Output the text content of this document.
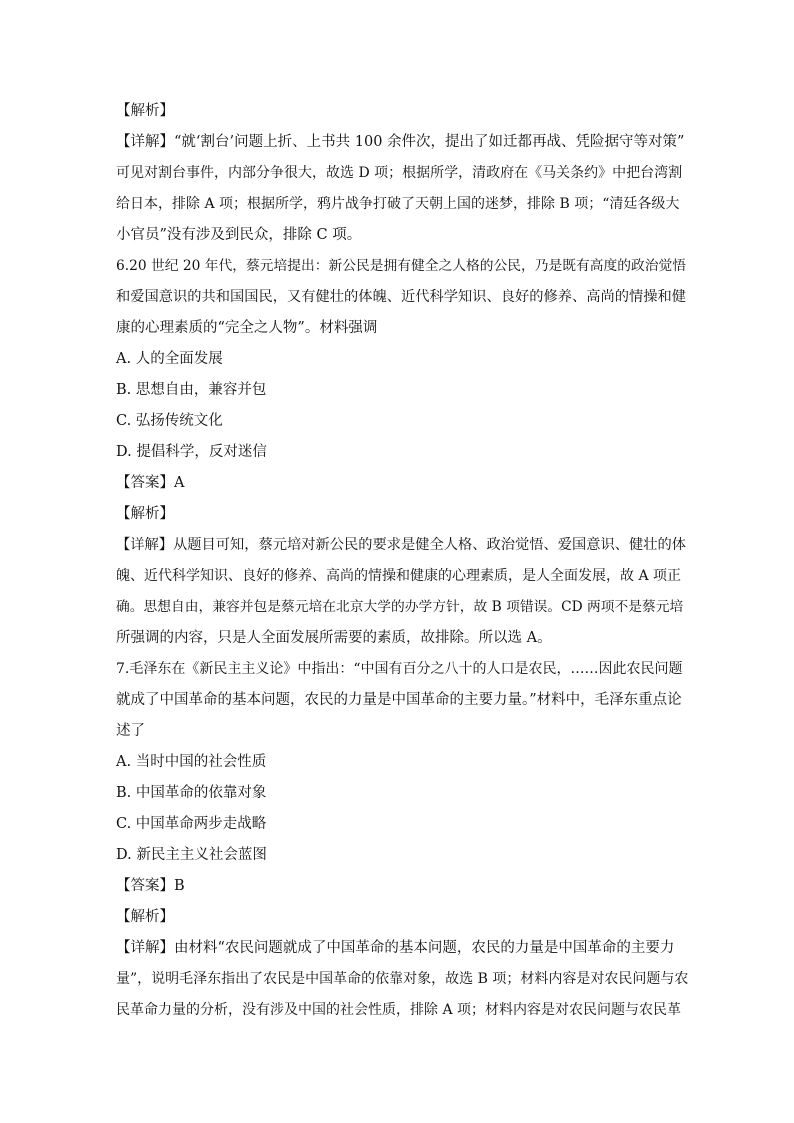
【解析】
【详解】“就‘割台’问题上折、上书共 100 余件次，提出了如迁都再战、凭险据守等对策”
可见对割台事件，内部分争很大，故选 D 项；根据所学，清政府在《马关条约》中把台湾割
给日本，排除 A 项；根据所学，鸦片战争打破了天朝上国的迷梦，排除 B 项；“清廷各级大
小官员”没有涉及到民众，排除 C 项。
6.20 世纪 20 年代，蔡元培提出：新公民是拥有健全之人格的公民，乃是既有高度的政治觉悟
和爱国意识的共和国国民，又有健壮的体魄、近代科学知识、良好的修养、高尚的情操和健
康的心理素质的“完全之人物”。材料强调
A. 人的全面发展
B. 思想自由，兼容并包
C. 弘扬传统文化
D. 提倡科学，反对迷信
【答案】A
【解析】
【详解】从题目可知，蔡元培对新公民的要求是健全人格、政治觉悟、爱国意识、健壮的体
魄、近代科学知识、良好的修养、高尚的情操和健康的心理素质，是人全面发展，故 A 项正
确。思想自由，兼容并包是蔡元培在北京大学的办学方针，故 B 项错误。CD 两项不是蔡元培
所强调的内容，只是人全面发展所需要的素质，故排除。所以选 A。
7.毛泽东在《新民主主义论》中指出：“中国有百分之八十的人口是农民，……因此农民问题
就成了中国革命的基本问题，农民的力量是中国革命的主要力量。”材料中，毛泽东重点论
述了
A. 当时中国的社会性质
B. 中国革命的依靠对象
C. 中国革命两步走战略
D. 新民主主义社会蓝图
【答案】B
【解析】
【详解】由材料“农民问题就成了中国革命的基本问题，农民的力量是中国革命的主要力
量”，说明毛泽东指出了农民是中国革命的依靠对象，故选 B 项；材料内容是对农民问题与农
民革命力量的分析，没有涉及中国的社会性质，排除 A 项；材料内容是对农民问题与农民革
